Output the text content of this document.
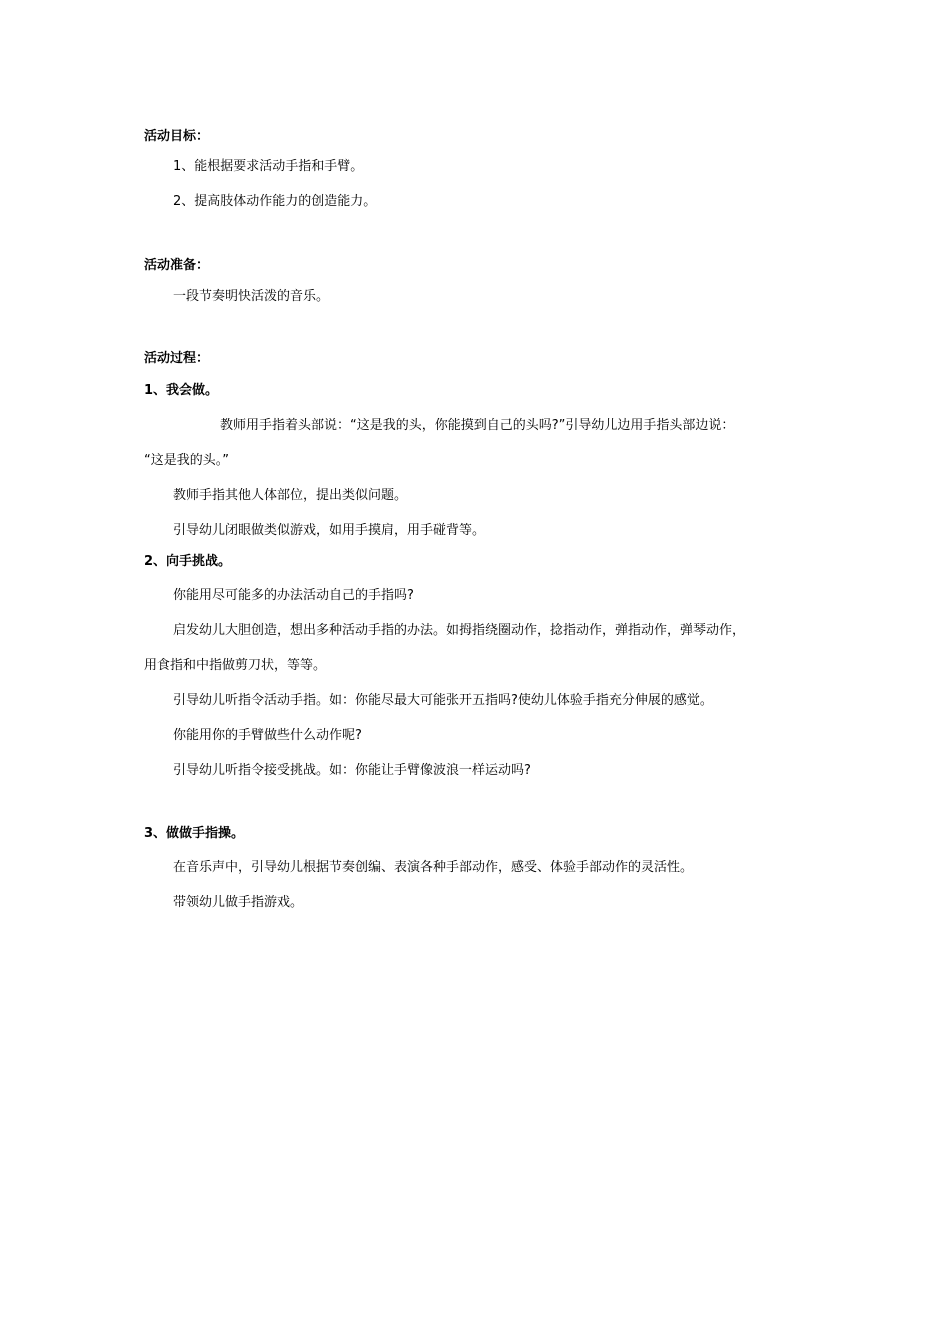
活动目标：
1、能根据要求活动手指和手臂。
2、提高肢体动作能力的创造能力。
活动准备：
一段节奏明快活泼的音乐。
活动过程：
1、我会做。
教师用手指着头部说：“这是我的头，你能摸到自己的头吗?”引导幼儿边用手指头部边说：
“这是我的头。”
教师手指其他人体部位，提出类似问题。
引导幼儿闭眼做类似游戏，如用手摸肩，用手碰背等。
2、向手挑战。
你能用尽可能多的办法活动自己的手指吗?
启发幼儿大胆创造，想出多种活动手指的办法。如拇指绕圈动作，捻指动作，弹指动作，弹琴动作，
用食指和中指做剪刀状，等等。
引导幼儿听指令活动手指。如：你能尽最大可能张开五指吗?使幼儿体验手指充分伸展的感觉。
你能用你的手臂做些什么动作呢?
引导幼儿听指令接受挑战。如：你能让手臂像波浪一样运动吗?
3、做做手指操。
在音乐声中，引导幼儿根据节奏创编、表演各种手部动作，感受、体验手部动作的灵活性。
带领幼儿做手指游戏。
